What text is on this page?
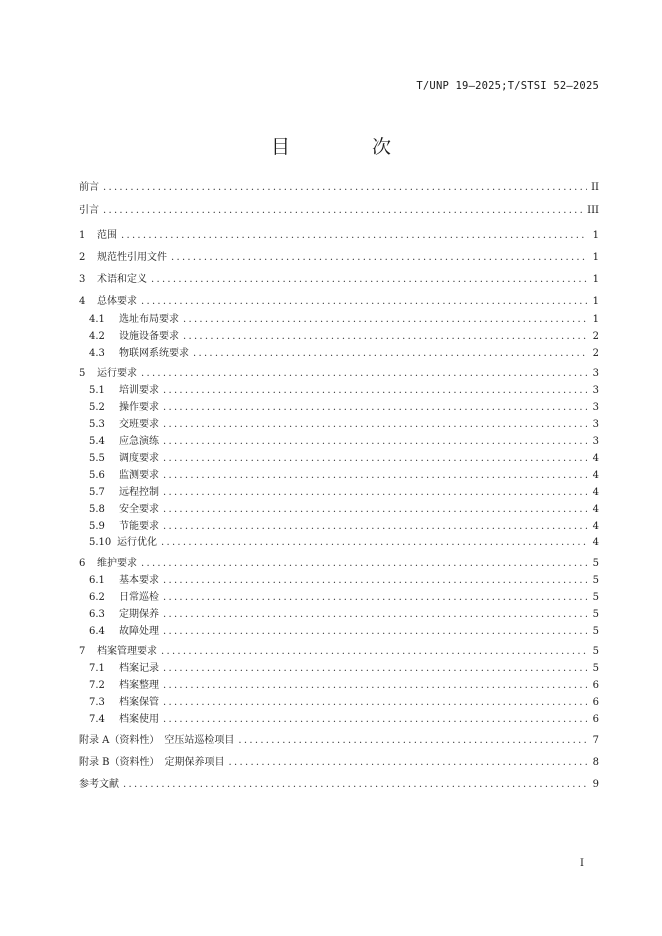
T/UNP 19—2025;T/STSI 52—2025
目 次
前言 .....	II
引言 .....	III
1	范围 .....	1
2	规范性引用文件 .....	1
3	术语和定义 .....	1
4	总体要求 .....	1
4.1	选址布局要求 .....	1
4.2	设施设备要求 .....	2
4.3	物联网系统要求 .....	2
5	运行要求 .....	3
5.1	培训要求 .....	3
5.2	操作要求 .....	3
5.3	交班要求 .....	3
5.4	应急演练 .....	3
5.5	调度要求 .....	4
5.6	监测要求 .....	4
5.7	远程控制 .....	4
5.8	安全要求 .....	4
5.9	节能要求 .....	4
5.10 运行优化 .....	4
6	维护要求 .....	5
6.1	基本要求 .....	5
6.2	日常巡检 .....	5
6.3	定期保养 .....	5
6.4	故障处理 .....	5
7	档案管理要求 .....	5
7.1	档案记录 .....	5
7.2	档案整理 .....	6
7.3	档案保管 .....	6
7.4	档案使用 .....	6
附录 A（资料性）　空压站巡检项目 .....	7
附录 B（资料性）　定期保养项目 .....	8
参考文献 .....	9
I
